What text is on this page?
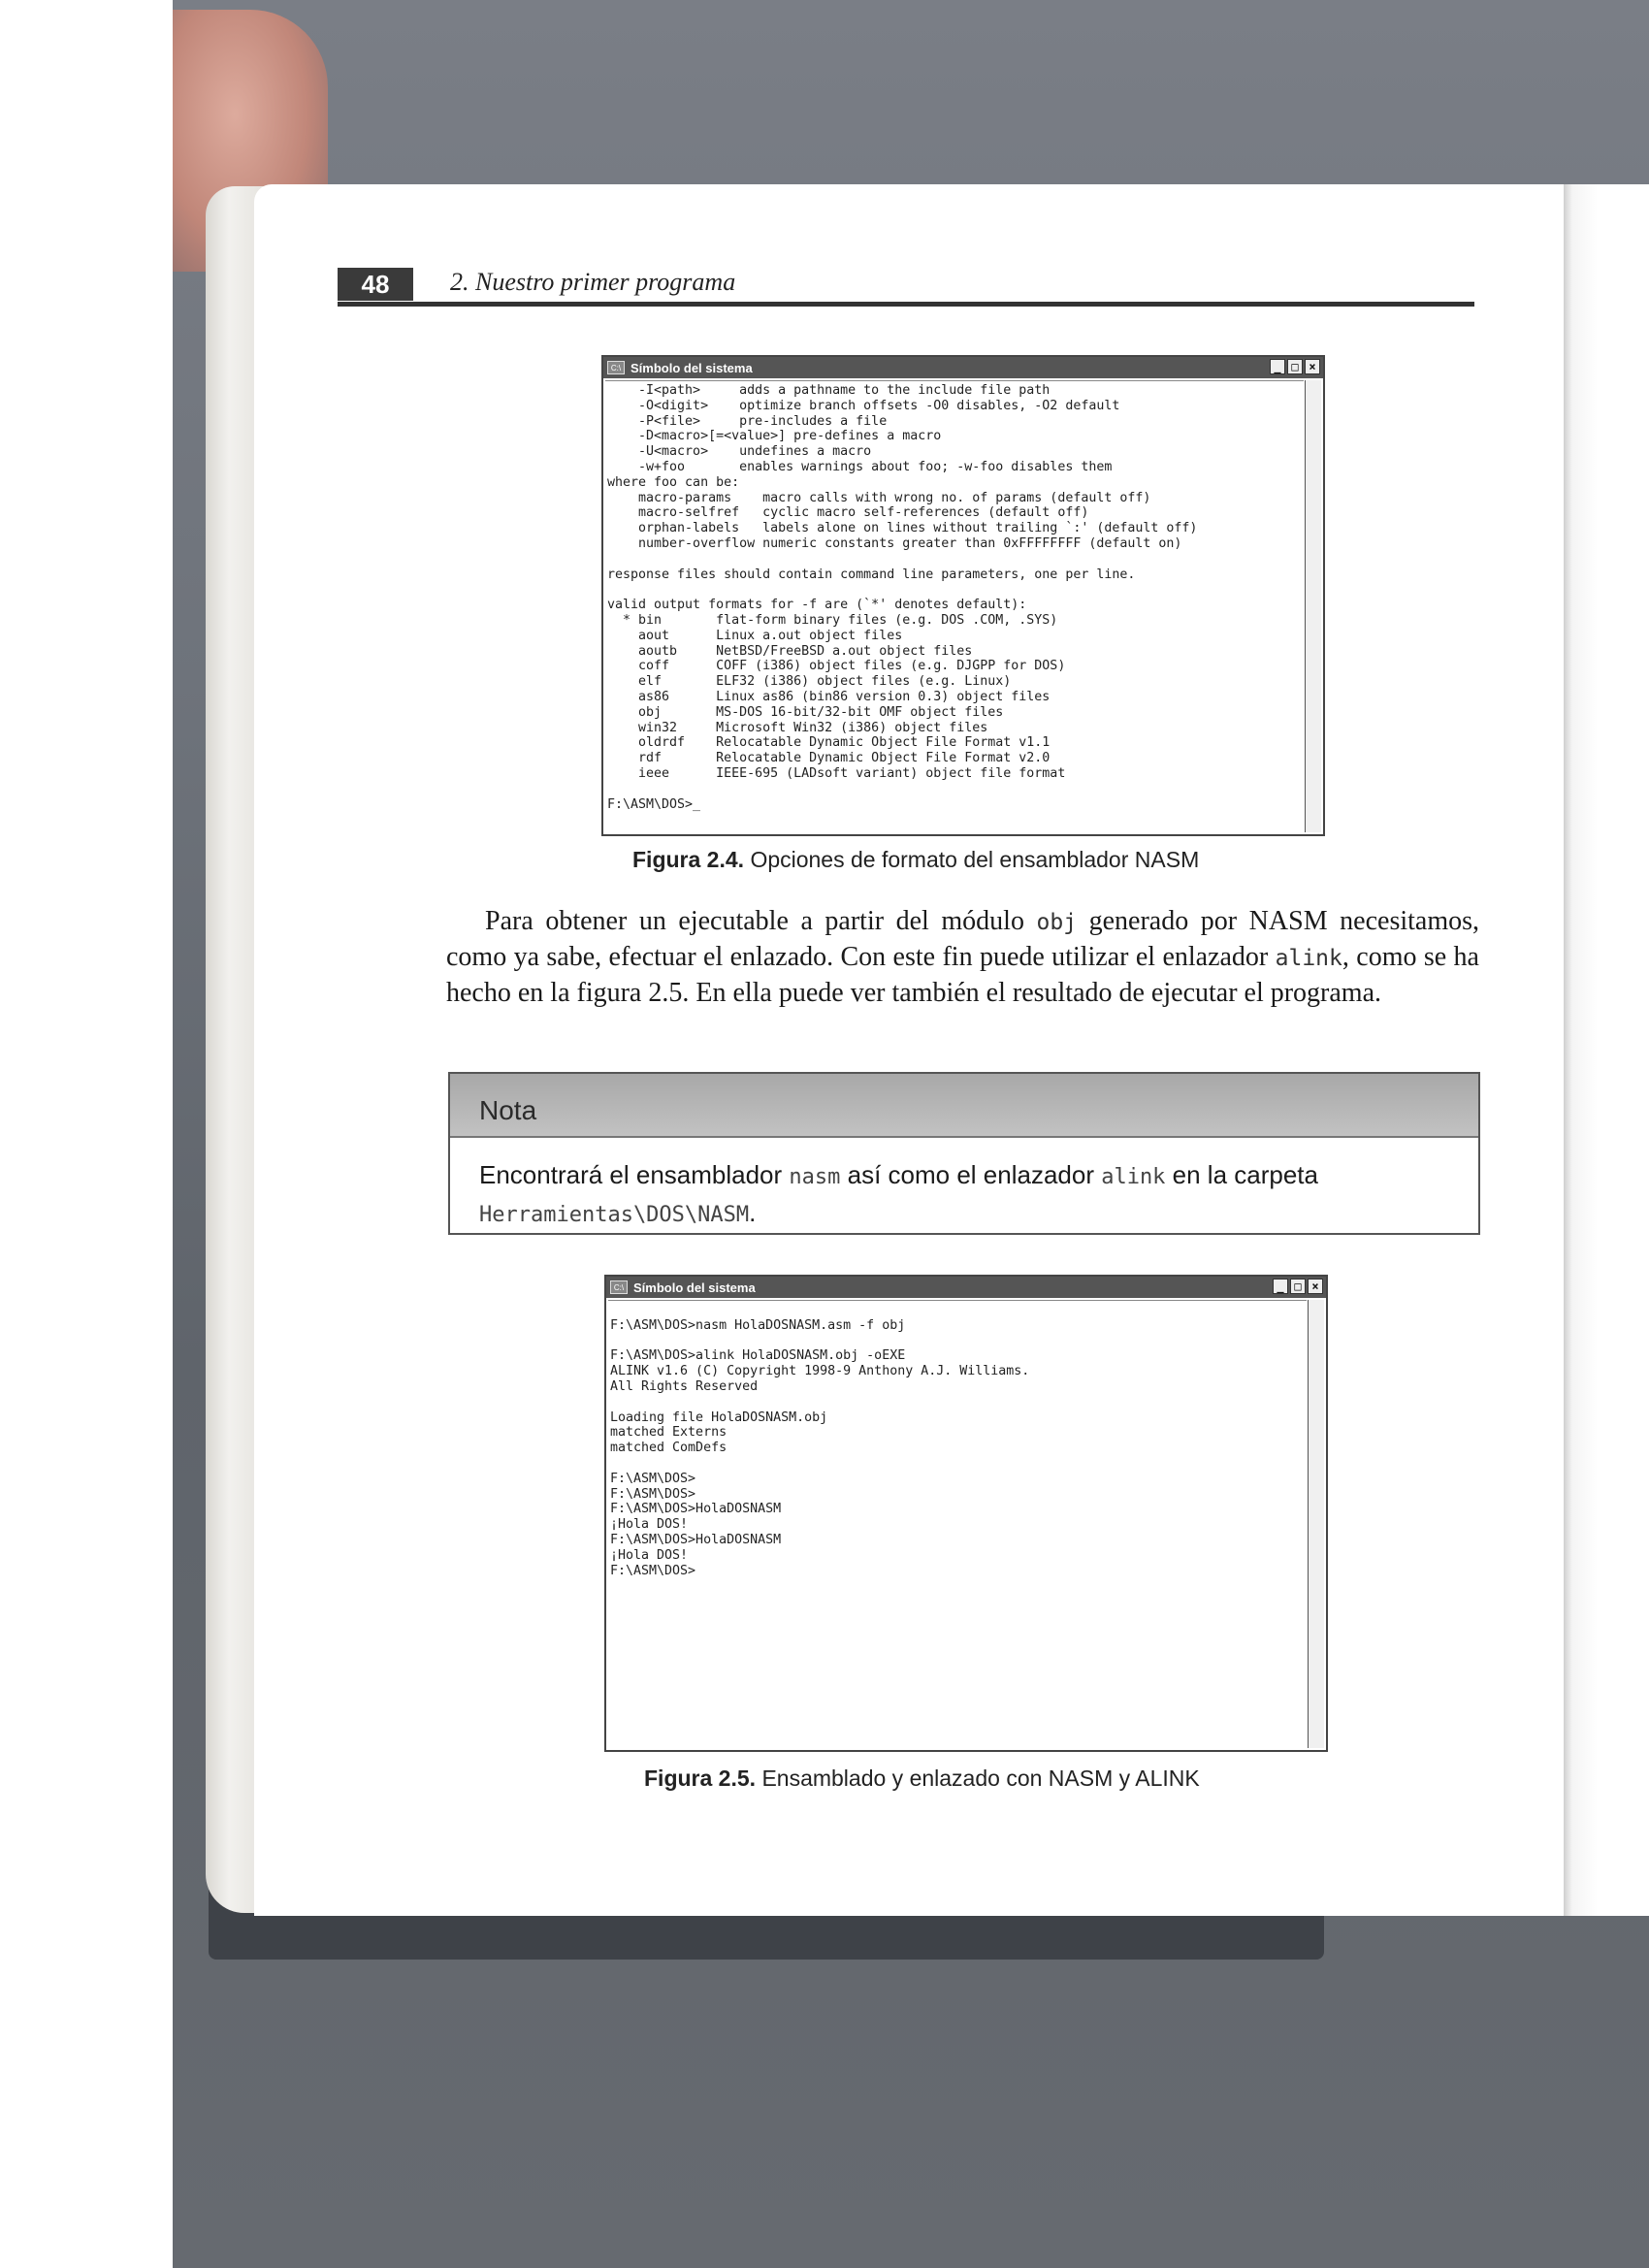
48	2. Nuestro primer programa
C:\ Símbolo del sistema	_ □ ×
-I<path>     adds a pathname to the include file path
-O<digit>    optimize branch offsets -O0 disables, -O2 default
-P<file>     pre-includes a file
-D<macro>[=<value>] pre-defines a macro
-U<macro>    undefines a macro
-w+foo       enables warnings about foo; -w-foo disables them
where foo can be:
macro-params    macro calls with wrong no. of params (default off)
macro-selfref   cyclic macro self-references (default off)
orphan-labels   labels alone on lines without trailing `:' (default off)
number-overflow numeric constants greater than 0xFFFFFFFF (default on)

response files should contain command line parameters, one per line.

valid output formats for -f are (`*' denotes default):
* bin       flat-form binary files (e.g. DOS .COM, .SYS)
aout      Linux a.out object files
aoutb     NetBSD/FreeBSD a.out object files
coff      COFF (i386) object files (e.g. DJGPP for DOS)
elf       ELF32 (i386) object files (e.g. Linux)
as86      Linux as86 (bin86 version 0.3) object files
obj       MS-DOS 16-bit/32-bit OMF object files
win32     Microsoft Win32 (i386) object files
oldrdf    Relocatable Dynamic Object File Format v1.1
rdf       Relocatable Dynamic Object File Format v2.0
ieee      IEEE-695 (LADsoft variant) object file format

F:\ASM\DOS>_
Figura 2.4. Opciones de formato del ensamblador NASM

Para obtener un ejecutable a partir del módulo obj generado por NASM necesitamos, como ya sabe, efectuar el enlazado. Con este fin puede utilizar el enlazador alink, como se ha hecho en la figura 2.5. En ella puede ver también el resultado de ejecutar el programa.

Nota
Encontrará el ensamblador nasm así como el enlazador alink en la carpeta
Herramientas\DOS\NASM.
C:\ Símbolo del sistema	_ □ ×

F:\ASM\DOS>nasm HolaDOSNASM.asm -f obj

F:\ASM\DOS>alink HolaDOSNASM.obj -oEXE
ALINK v1.6 (C) Copyright 1998-9 Anthony A.J. Williams.
All Rights Reserved

Loading file HolaDOSNASM.obj
matched Externs
matched ComDefs

F:\ASM\DOS>
F:\ASM\DOS>
F:\ASM\DOS>HolaDOSNASM
¡Hola DOS!
F:\ASM\DOS>HolaDOSNASM
¡Hola DOS!
F:\ASM\DOS>
Figura 2.5. Ensamblado y enlazado con NASM y ALINK
